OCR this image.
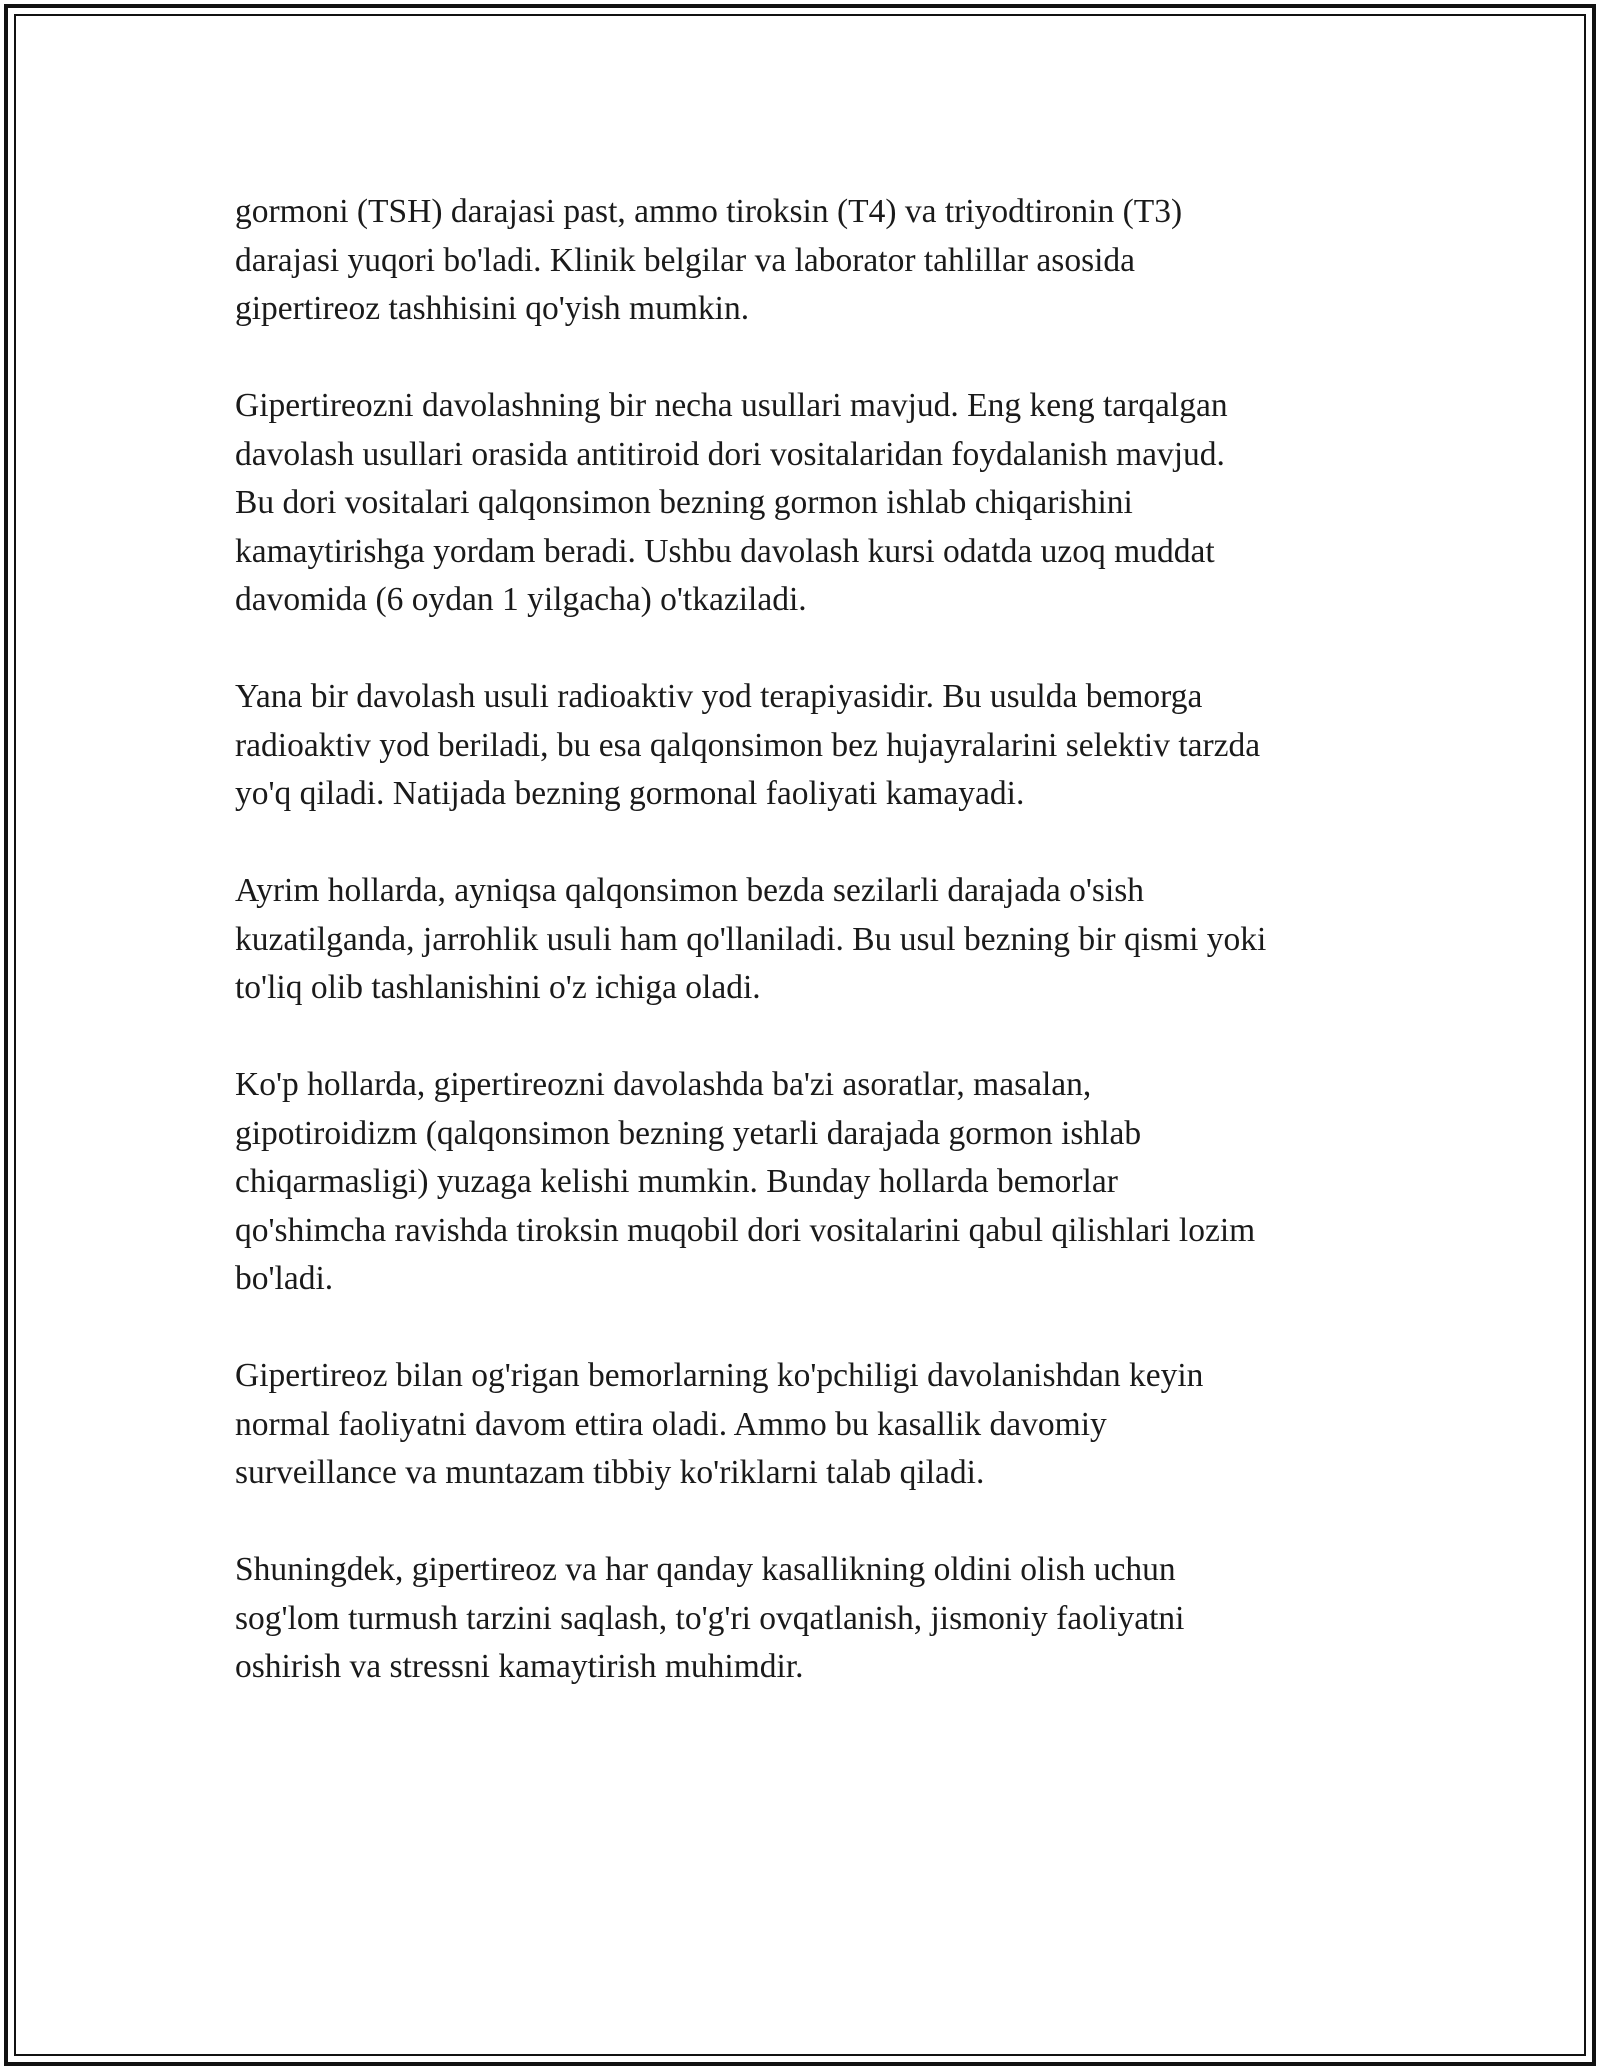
gormoni (TSH) darajasi past, ammo tiroksin (T4) va triyodtironin (T3)
darajasi yuqori bo'ladi. Klinik belgilar va laborator tahlillar asosida
gipertireoz tashhisini qo'yish mumkin.

Gipertireozni davolashning bir necha usullari mavjud. Eng keng tarqalgan
davolash usullari orasida antitiroid dori vositalaridan foydalanish mavjud.
Bu dori vositalari qalqonsimon bezning gormon ishlab chiqarishini
kamaytirishga yordam beradi. Ushbu davolash kursi odatda uzoq muddat
davomida (6 oydan 1 yilgacha) o'tkaziladi.

Yana bir davolash usuli radioaktiv yod terapiyasidir. Bu usulda bemorga
radioaktiv yod beriladi, bu esa qalqonsimon bez hujayralarini selektiv tarzda
yo'q qiladi. Natijada bezning gormonal faoliyati kamayadi.

Ayrim hollarda, ayniqsa qalqonsimon bezda sezilarli darajada o'sish
kuzatilganda, jarrohlik usuli ham qo'llaniladi. Bu usul bezning bir qismi yoki
to'liq olib tashlanishini o'z ichiga oladi.

Ko'p hollarda, gipertireozni davolashda ba'zi asoratlar, masalan,
gipotiroidizm (qalqonsimon bezning yetarli darajada gormon ishlab
chiqarmasligi) yuzaga kelishi mumkin. Bunday hollarda bemorlar
qo'shimcha ravishda tiroksin muqobil dori vositalarini qabul qilishlari lozim
bo'ladi.

Gipertireoz bilan og'rigan bemorlarning ko'pchiligi davolanishdan keyin
normal faoliyatni davom ettira oladi. Ammo bu kasallik davomiy
surveillance va muntazam tibbiy ko'riklarni talab qiladi.

Shuningdek, gipertireoz va har qanday kasallikning oldini olish uchun
sog'lom turmush tarzini saqlash, to'g'ri ovqatlanish, jismoniy faoliyatni
oshirish va stressni kamaytirish muhimdir.
